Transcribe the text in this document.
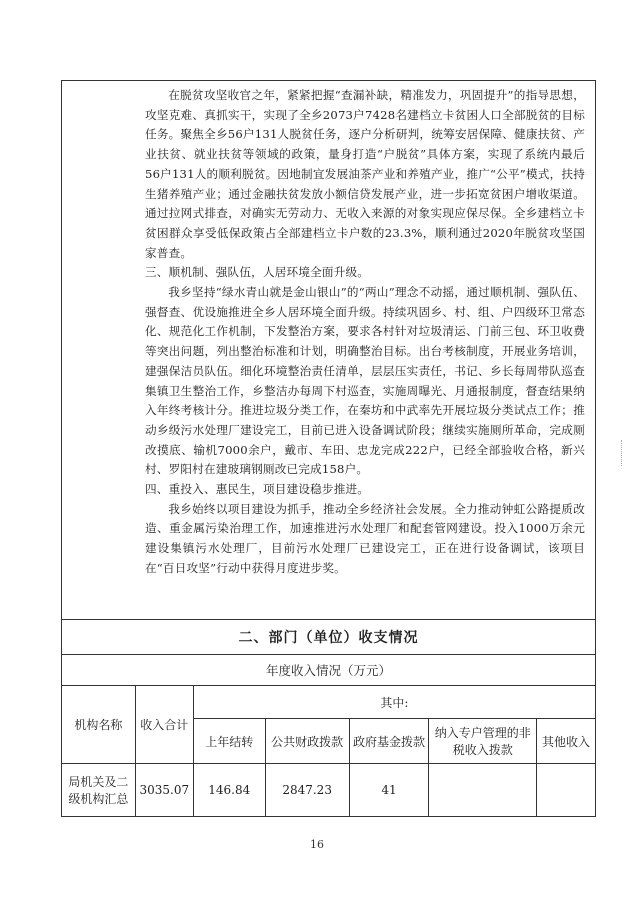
在脱贫攻坚收官之年，紧紧把握“查漏补缺，精准发力，巩固提升”的指导思想，攻坚克难、真抓实干，实现了全乡2073户7428名建档立卡贫困人口全部脱贫的目标任务。聚焦全乡56户131人脱贫任务，逐户分析研判，统筹安居保障、健康扶贫、产业扶贫、就业扶贫等领域的政策，量身打造“户脱贫”具体方案，实现了系统内最后56户131人的顺利脱贫。因地制宜发展油茶产业和养殖产业，推广“公平”模式，扶持生猪养殖产业；通过金融扶贫发放小额信贷发展产业，进一步拓宽贫困户增收渠道。通过拉网式排查，对确实无劳动力、无收入来源的对象实现应保尽保。全乡建档立卡贫困群众享受低保政策占全部建档立卡户数的23.3%，顺利通过2020年脱贫攻坚国家普查。

三、顺机制、强队伍，人居环境全面升级。

我乡坚持“绿水青山就是金山银山”的“两山”理念不动摇，通过顺机制、强队伍、强督查、优设施推进全乡人居环境全面升级。持续巩固乡、村、组、户四级环卫常态化、规范化工作机制，下发整治方案，要求各村针对垃圾清运、门前三包、环卫收费等突出问题，列出整治标准和计划，明确整治目标。出台考核制度，开展业务培训，建强保洁员队伍。细化环境整治责任清单，层层压实责任，书记、乡长每周带队巡查集镇卫生整治工作，乡整洁办每周下村巡查，实施周曝光、月通报制度，督查结果纳入年终考核计分。推进垃圾分类工作，在秦坊和中武率先开展垃圾分类试点工作；推动乡级污水处理厂建设完工，目前已进入设备调试阶段；继续实施厕所革命，完成厕改摸底、输机7000余户，戴市、车田、忠龙完成222户，已经全部验收合格，新兴村、罗阳村在建玻璃钢厕改已完成158户。

四、重投入、惠民生，项目建设稳步推进。

我乡始终以项目建设为抓手，推动全乡经济社会发展。全力推动钟虹公路提质改造、重金属污染治理工作，加速推进污水处理厂和配套管网建设。投入1000万余元建设集镇污水处理厂，目前污水处理厂已建设完工，正在进行设备调试，该项目在“百日攻坚”行动中获得月度进步奖。

二、部门（单位）收支情况						
年度收入情况（万元）						
机构名称	收入合计	其中:				
		上年结转	公共财政拨款	政府基金拨款	纳入专户管理的非税收入拨款	其他收入
局机关及二级机构汇总	3035.07	146.84	2847.23	41		
16
